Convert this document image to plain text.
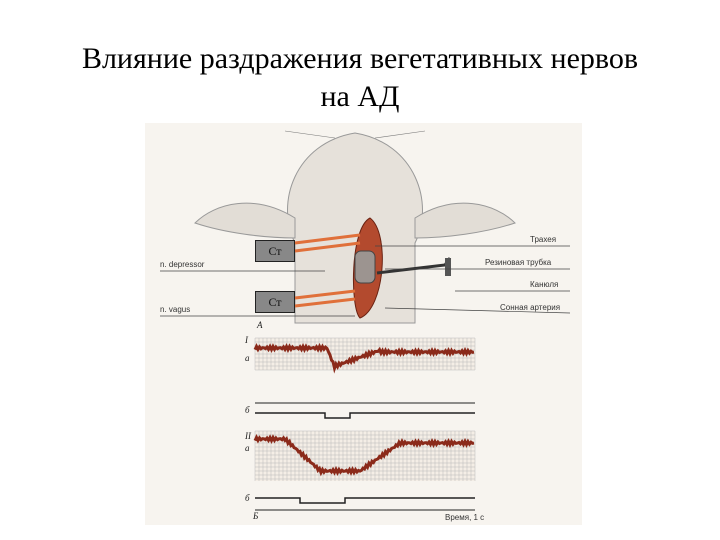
Влияние раздражения вегетативных нервов
на АД
Ст
Ст
n. depressor
n. vagus
Трахея
Резиновая трубка
Канюля
Сонная артерия
А
I
а
б
II
а
б
Б	Время, 1 с
